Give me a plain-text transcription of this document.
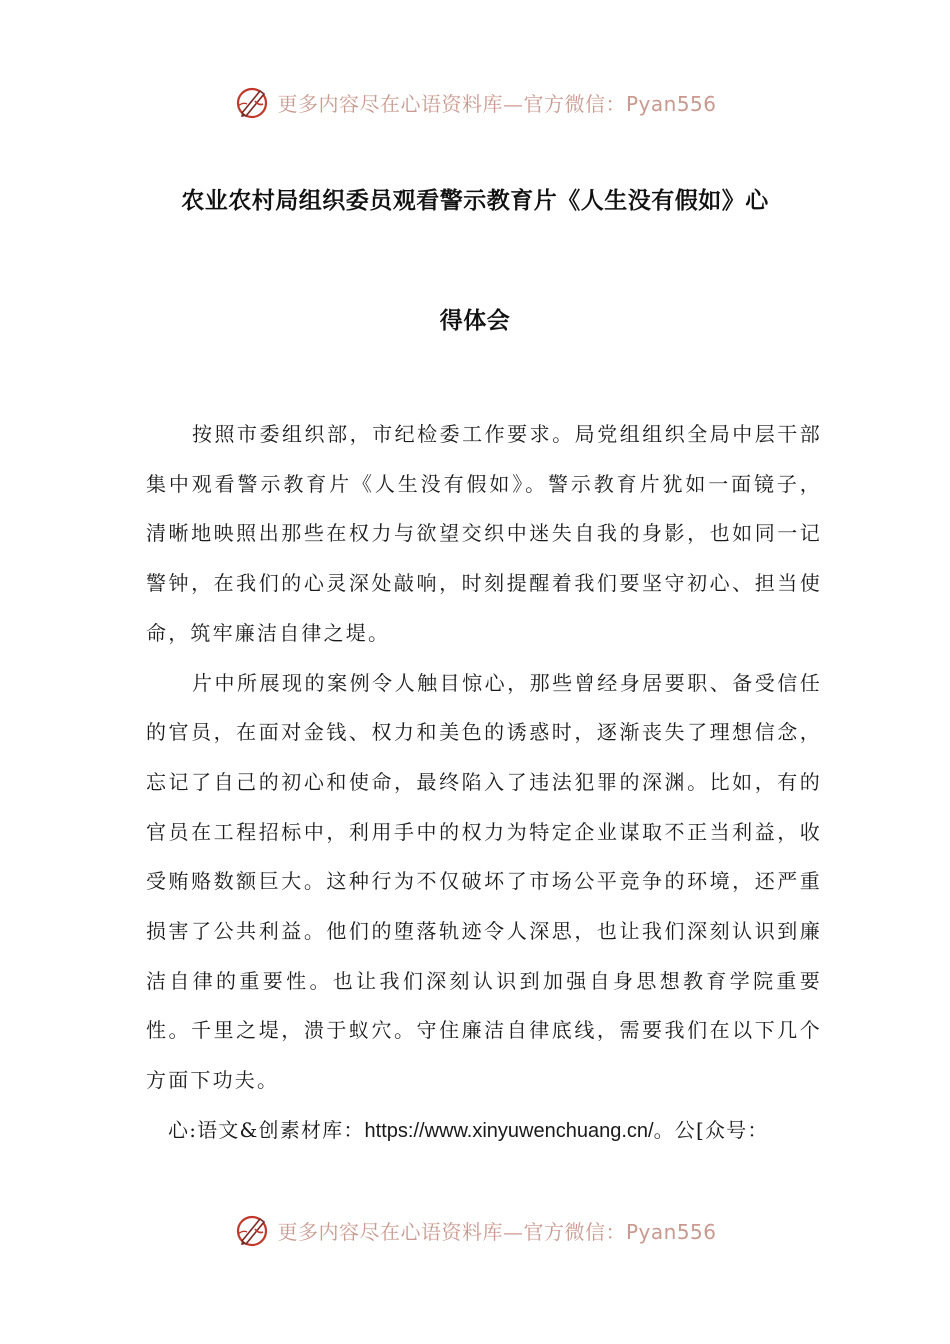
更多内容尽在心语资料库—官方微信：Pyan556
农业农村局组织委员观看警示教育片《人生没有假如》心
得体会

按照市委组织部，市纪检委工作要求。局党组组织全局中层干部集中观看警示教育片《人生没有假如》。警示教育片犹如一面镜子，清晰地映照出那些在权力与欲望交织中迷失自我的身影，也如同一记警钟，在我们的心灵深处敲响，时刻提醒着我们要坚守初心、担当使命，筑牢廉洁自律之堤。

片中所展现的案例令人触目惊心，那些曾经身居要职、备受信任的官员，在面对金钱、权力和美色的诱惑时，逐渐丧失了理想信念，忘记了自己的初心和使命，最终陷入了违法犯罪的深渊。比如，有的官员在工程招标中，利用手中的权力为特定企业谋取不正当利益，收受贿赂数额巨大。这种行为不仅破坏了市场公平竞争的环境，还严重损害了公共利益。他们的堕落轨迹令人深思，也让我们深刻认识到廉洁自律的重要性。也让我们深刻认识到加强自身思想教育学院重要性。千里之堤，溃于蚁穴。守住廉洁自律底线，需要我们在以下几个方面下功夫。

心:语文&创素材库：https://www.xinyuwenchuang.cn/。公[众号：
更多内容尽在心语资料库—官方微信：Pyan556
